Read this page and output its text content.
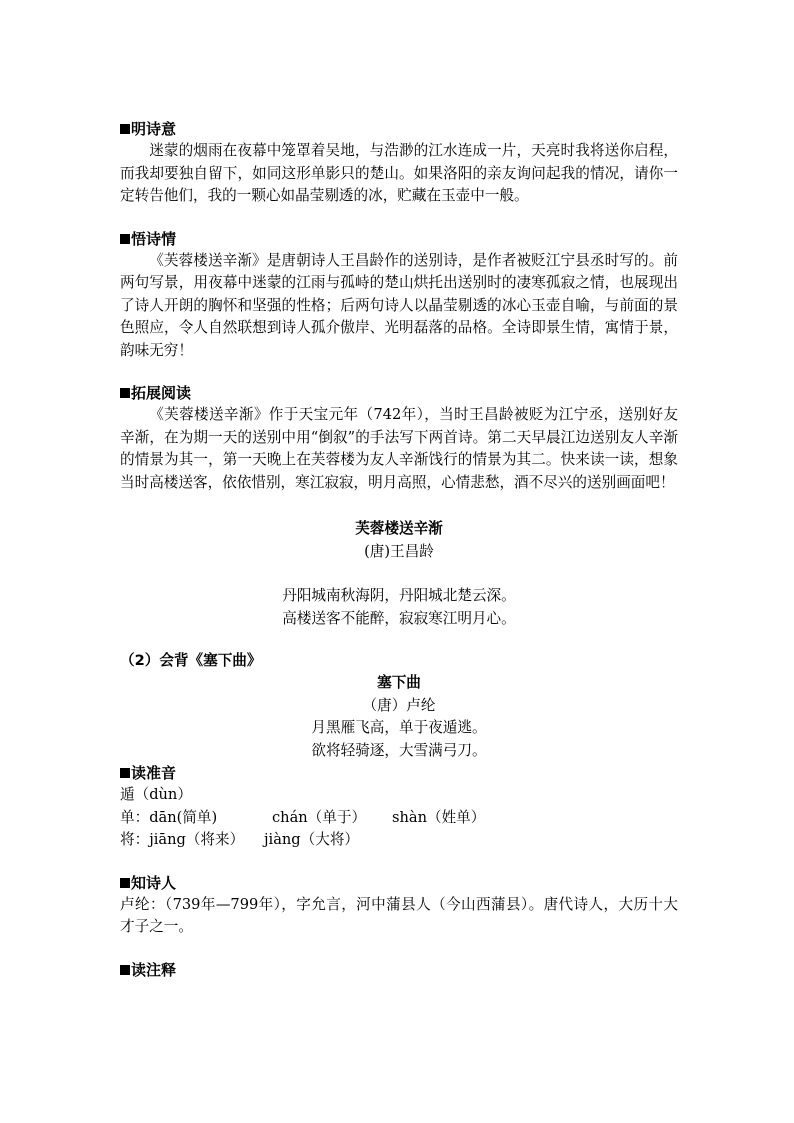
明诗意

迷蒙的烟雨在夜幕中笼罩着吴地，与浩渺的江水连成一片，天亮时我将送你启程，而我却要独自留下，如同这形单影只的楚山。如果洛阳的亲友询问起我的情况，请你一定转告他们，我的一颗心如晶莹剔透的冰，贮藏在玉壶中一般。

悟诗情

《芙蓉楼送辛渐》是唐朝诗人王昌龄作的送别诗，是作者被贬江宁县丞时写的。前两句写景，用夜幕中迷蒙的江雨与孤峙的楚山烘托出送别时的凄寒孤寂之情，也展现出了诗人开朗的胸怀和坚强的性格；后两句诗人以晶莹剔透的冰心玉壶自喻，与前面的景色照应，令人自然联想到诗人孤介傲岸、光明磊落的品格。全诗即景生情，寓情于景，韵味无穷！

拓展阅读

《芙蓉楼送辛渐》作于天宝元年（742年），当时王昌龄被贬为江宁丞，送别好友辛渐，在为期一天的送别中用“倒叙”的手法写下两首诗。第二天早晨江边送别友人辛渐的情景为其一，第一天晚上在芙蓉楼为友人辛渐饯行的情景为其二。快来读一读，想象当时高楼送客，依依惜别，寒江寂寂，明月高照，心情悲愁，酒不尽兴的送别画面吧！

芙蓉楼送辛渐
(唐)王昌龄
丹阳城南秋海阴，丹阳城北楚云深。
高楼送客不能醉，寂寂寒江明月心。
（2）会背《塞下曲》
塞下曲
（唐）卢纶
月黑雁飞高，单于夜遁逃。
欲将轻骑逐，大雪满弓刀。
读准音
遁（dùn）
单：dān(简单)	chán（单于） shàn（姓单）
将：jiāng（将来） jiàng（大将）
知诗人

卢纶：（739年—799年），字允言，河中蒲县人（今山西蒲县）。唐代诗人，大历十大才子之一。

读注释
